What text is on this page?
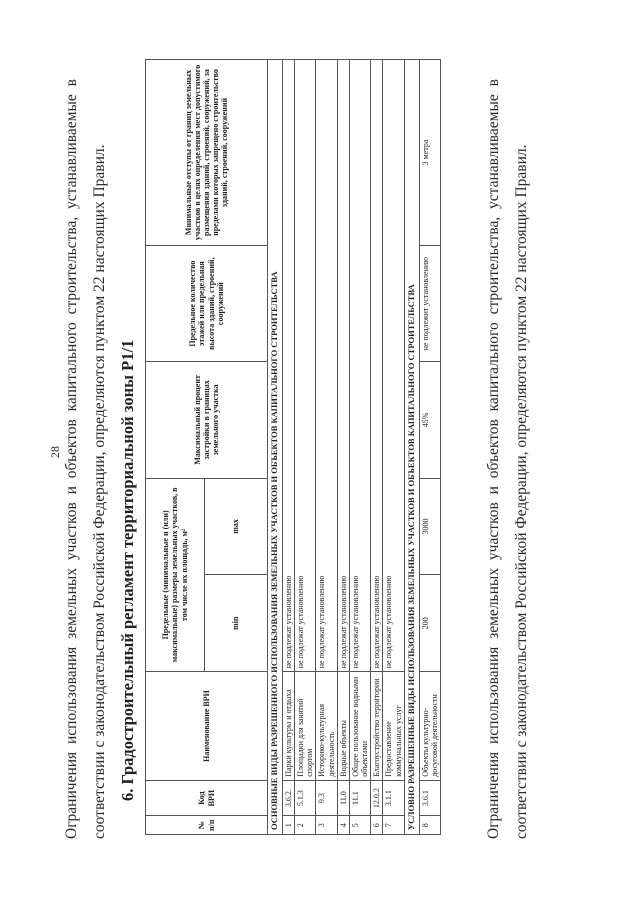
28
Ограничения
использования
земельных
участков
и
объектов
капитального
строительства,
устанавливаемые
в
соответствии с законодательством Российской Федерации, определяются пунктом 22 настоящих Правил. 6. Градостроительный регламент территориальной зоны Р1/1
№ п/п	Код ВРИ	Наименование ВРИ	Предельные (минимальные и (или) максимальные) размеры земельных участков, в том числе их площадь, м²		Максимальный процент застройки в границах земельного участка	Предельное количество этажей или предельная высота зданий, строений, сооружений	Минимальные отступы от границ земельных участков в целях определения мест допустимого размещения зданий, строений, сооружений, за пределами которых запрещено строительство зданий, строений, сооружений
			min	max			
ОСНОВНЫЕ ВИДЫ РАЗРЕШЕННОГО ИСПОЛЬЗОВАНИЯ ЗЕМЕЛЬНЫХ УЧАСТКОВ И ОБЪЕКТОВ КАПИТАЛЬНОГО СТРОИТЕЛЬСТВА							
1	3.6.2.	Парки культуры и отдыха	не подлежат установлению				
2	5.1.3	Площадки для занятий спортом	не подлежат установлению				
3	9.3	Историко-культурная деятельность	не подлежат установлению				
4	11.0	Водные объекты	не подлежат установлению				
5	11.1	Общее пользование водными объектами	не подлежат установлению				
6	12.0.2	Благоустройство территории	не подлежат установлению				
7	3.1.1	Предоставление коммунальных услуг	не подлежат установлению				
УСЛОВНО РАЗРЕШЕННЫЕ ВИДЫ ИСПОЛЬЗОВАНИЯ ЗЕМЕЛЬНЫХ УЧАСТКОВ И ОБЪЕКТОВ КАПИТАЛЬНОГО СТРОИТЕЛЬСТВА							
8	3.6.1	Объекты культурно-досуговой деятельности	200	3000	45%	не подлежит установлению	3 метра
Ограничения
использования
земельных
участков
и
объектов
капитального
строительства,
устанавливаемые
в
соответствии с законодательством Российской Федерации, определяются пунктом 22 настоящих Правил.
